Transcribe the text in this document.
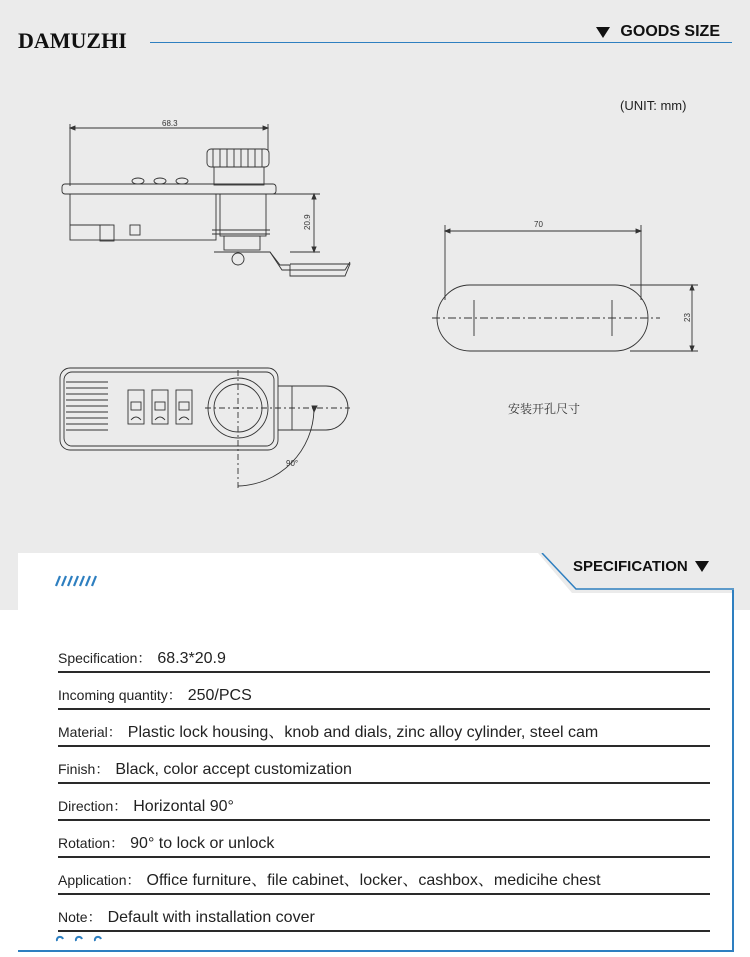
DAMUZHI	GOODS SIZE
(UNIT: mm)
68.3
20.9	70
23
90°
安装开孔尺寸
SPECIFICATION
Specification： 68.3*20.9
Incoming quantity： 250/PCS
Material： Plastic lock housing、knob and dials, zinc alloy cylinder, steel cam
Finish： Black, color accept customization
Direction： Horizontal 90°
Rotation： 90° to lock or unlock
Application： Office furniture、file cabinet、locker、cashbox、medicihe chest
Note： Default with installation cover
